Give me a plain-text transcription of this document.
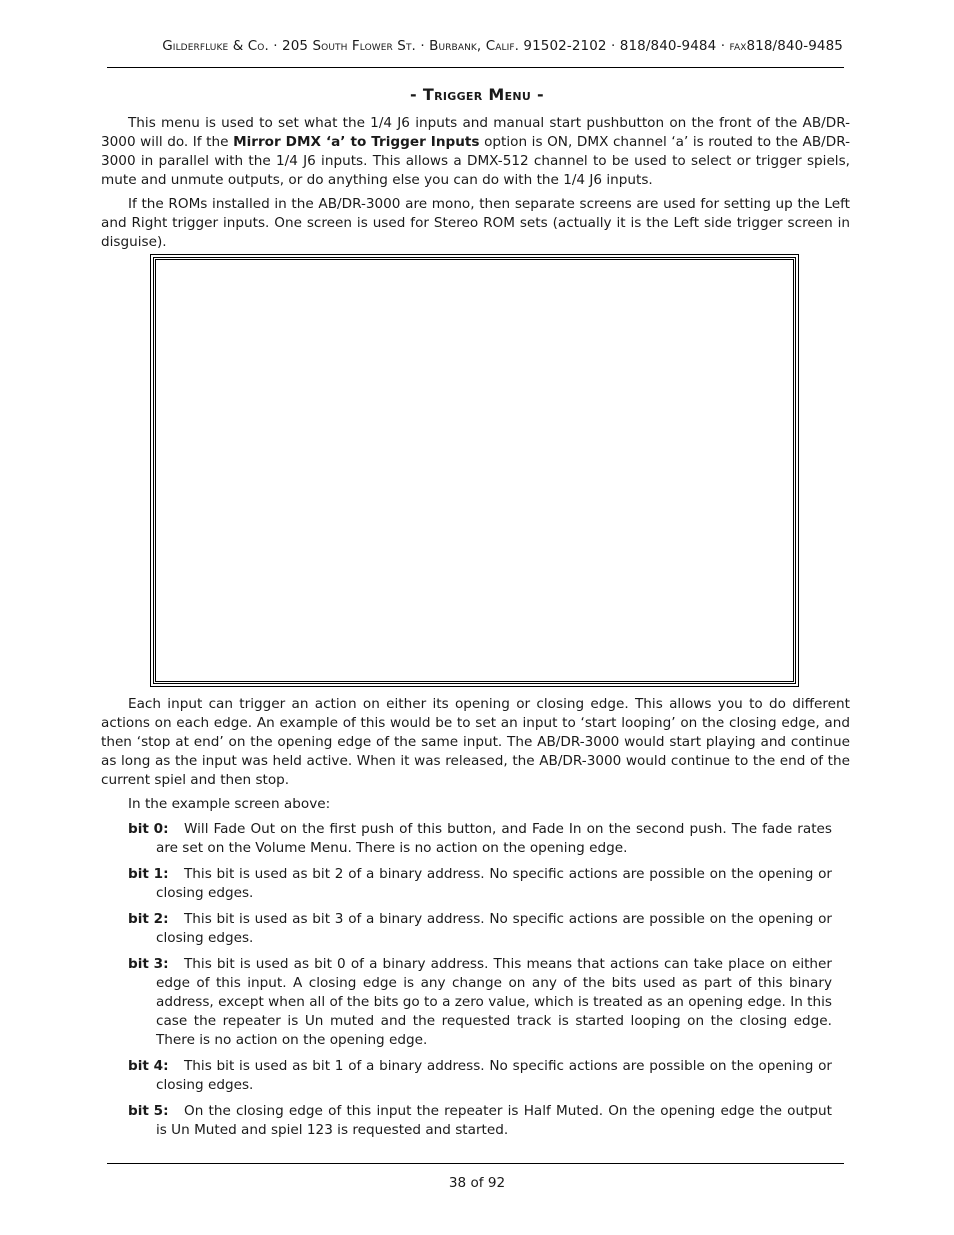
Gilderfluke & Co. · 205 South Flower St. · Burbank, Calif. 91502-2102 · 818/840-9484 · fax818/840-9485
- Trigger Menu -

This menu is used to set what the 1/4 J6 inputs and manual start pushbutton on the front of the AB/DR-3000 will do. If the Mirror DMX ‘a’ to Trigger Inputs option is ON, DMX channel ‘a’ is routed to the AB/DR-3000 in parallel with the 1/4 J6 inputs. This allows a DMX-512 channel to be used to select or trigger spiels, mute and unmute outputs, or do anything else you can do with the 1/4 J6 inputs.

If the ROMs installed in the AB/DR-3000 are mono, then separate screens are used for setting up the Left and Right trigger inputs. One screen is used for Stereo ROM sets (actually it is the Left side trigger screen in disguise).

Each input can trigger an action on either its opening or closing edge. This allows you to do different actions on each edge. An example of this would be to set an input to ‘start looping’ on the closing edge, and then ‘stop at end’ on the opening edge of the same input. The AB/DR-3000 would start playing and continue as long as the input was held active. When it was released, the AB/DR-3000 would continue to the end of the current spiel and then stop.

In the example screen above:

bit 0: Will Fade Out on the first push of this button, and Fade In on the second push. The fade rates are set on the Volume Menu. There is no action on the opening edge.

bit 1: This bit is used as bit 2 of a binary address. No specific actions are possible on the opening or closing edges.

bit 2: This bit is used as bit 3 of a binary address. No specific actions are possible on the opening or closing edges.

bit 3: This bit is used as bit 0 of a binary address. This means that actions can take place on either edge of this input. A closing edge is any change on any of the bits used as part of this binary address, except when all of the bits go to a zero value, which is treated as an opening edge. In this case the repeater is Un muted and the requested track is started looping on the closing edge. There is no action on the opening edge.

bit 4: This bit is used as bit 1 of a binary address. No specific actions are possible on the opening or closing edges.

bit 5: On the closing edge of this input the repeater is Half Muted. On the opening edge the output is Un Muted and spiel 123 is requested and started.

38 of 92
